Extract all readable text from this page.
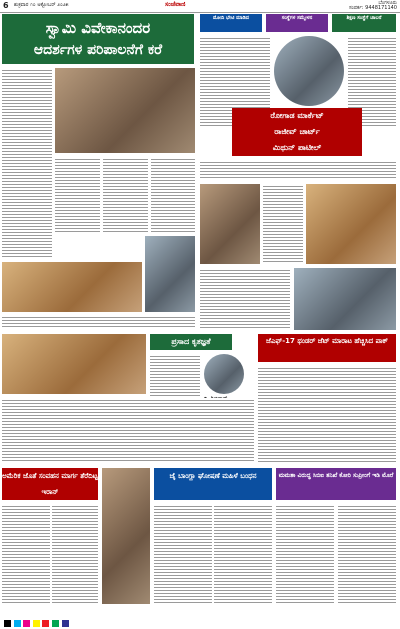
6 ಶುಕ್ರವಾರ ೧೦ ಅಕ್ಟೋಬರ್ ೨೦೨೫	ಸಂಜೆವಾಣಿ	ಬೆಂಗಳೂರು
ಸಂಪರ್ಕ: 9448171140
ಸ್ವಾಮಿ ವಿವೇಕಾನಂದರ
ಆದರ್ಶಗಳ ಪರಿಪಾಲನೆಗೆ ಕರೆ
ಮೋದಿ ಭೇಟಿ ಮಾಡಿದ	ಸಂಸ್ಥೆಗಳ ಸಮ್ಮೇಳನ	ಶಿಕ್ಷಣ ಸಂಸ್ಥೆಗೆ ಚಾಲನೆ
ರೋಗಾಡ ಮಾರ್ಕೆಟ್
ರಾಜೀವ್ ಚಾರ್ಟ್
ಮಿಥುನ್ ಪಾಟೀಲ್
ಪ್ರಸಾದ ಕೃತಜ್ಞತೆ	ಜೆಎಫ್-17 ಥಂಡರ್ ಜೆಟ್ ಮಾರಾಟ ಹೆಚ್ಚಿಸಿದ ಪಾಕ್
ಅಮೆರಿಕ ಜೊತೆ ಸಂವಹನ ಮಾರ್ಗ ತೆರೆದಿಟ್ಟ ಇರಾನ್
ಜೈ ಬಾಂಗ್ಲಾ ಘೋಷಣೆ ಮಹಿಳೆ ಬಂಧನ	ಮಮತಾ ವಿರುದ್ಧ ಸಿಬಿಐ ತನಿಖೆ ಕೋರಿ ಸುಪ್ರೀಂಗೆ ಇಡಿ ಮೊರೆ
